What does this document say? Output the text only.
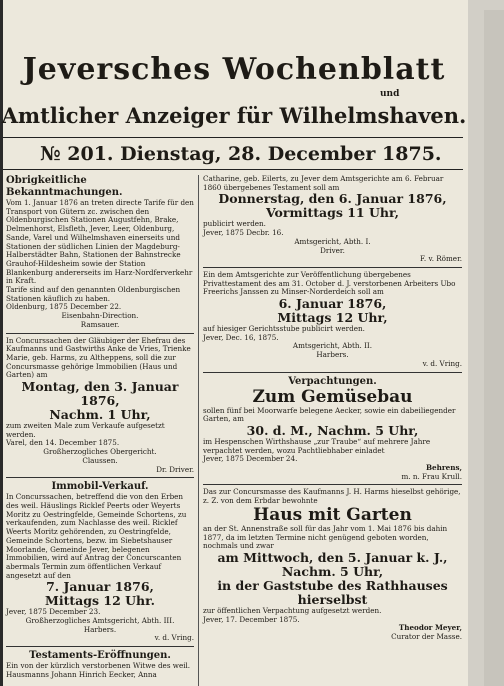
Jeversches Wochenblatt
und
Amtlicher Anzeiger für Wilhelmshaven.
№ 201. Dienstag, 28. December 1875.

Obrigkeitliche Bekanntmachungen.

Vom 1. Januar 1876 an treten directe Tarife für den Transport von Gütern zc. zwischen den Oldenburgischen Stationen Augustfehn, Brake, Delmenhorst, Elsfleth, Jever, Leer, Oldenburg, Sande, Varel und Wilhelmshaven einerseits und Stationen der südlichen Linien der Magdeburg-Halberstädter Bahn, Stationen der Bahnstrecke Grauhof-Hildesheim sowie der Station Blankenburg andererseits im Harz-Nordferverkehr in Kraft.

Tarife sind auf den genannten Oldenburgischen Stationen käuflich zu haben.

Oldenburg, 1875 December 22.

Eisenbahn-Direction.

Ramsauer.

In Concurssachen der Gläubiger der Ehefrau des Kaufmanns und Gastwirths Anke de Vries, Trienke Marie, geb. Harms, zu Altheppens, soll die zur Concursmasse gehörige Immobilien (Haus und Garten) am

Montag, den 3. Januar 1876,

Nachm. 1 Uhr,

zum zweiten Male zum Verkaufe aufgesetzt werden.

Varel, den 14. December 1875.

Großherzogliches Obergericht.

Claussen.

Dr. Driver.

Immobil-Verkauf.

In Concurssachen, betreffend die von den Erben des weil. Häuslings Ricklef Peerts oder Weyerts Moritz zu Oestringfelde, Gemeinde Schortens, zu verkaufenden, zum Nachlasse des weil. Ricklef Weerts Moritz gehörenden, zu Oestringfelde, Gemeinde Schortens, bezw. im Siebetshauser Moorlande, Gemeinde Jever, belegenen Immobilien, wird auf Antrag der Concurscanten abermals Termin zum öffentlichen Verkauf angesetzt auf den

7. Januar 1876,

Mittags 12 Uhr.

Jever, 1875 December 23.

Großherzogliches Amtsgericht, Abth. III.

Harbers.

v. d. Vring.

Testaments-Eröffnungen.

Ein von der kürzlich verstorbenen Witwe des weil. Hausmanns Johann Hinrich Eecker, Anna

Catharine, geb. Eilerts, zu Jever dem Amtsgerichte am 6. Februar 1860 übergebenes Testament soll am

Donnerstag, den 6. Januar 1876,

Vormittags 11 Uhr,

publicirt werden.

Jever, 1875 Decbr. 16.

Amtsgericht, Abth. I.

Driver.

F. v. Römer.

Ein dem Amtsgerichte zur Veröffentlichung übergebenes Privattestament des am 31. October d. J. verstorbenen Arbeiters Ubo Freerichs Janssen zu Minser-Norderdeich soll am

6. Januar 1876,

Mittags 12 Uhr,

auf hiesiger Gerichtsstube publicirt werden.

Jever, Dec. 16, 1875.

Amtsgericht, Abth. II.

Harbers.

v. d. Vring.

Verpachtungen.

Zum Gemüsebau

sollen fünf bei Moorwarfe belegene Aecker, sowie ein dabeiliegender Garten, am

30. d. M., Nachm. 5 Uhr,

im Hespenschen Wirthshause „zur Traube“ auf mehrere Jahre verpachtet werden, wozu Pachtliebhaber einladet

Jever, 1875 December 24.

Behrens,

m. n. Frau Krull.

Das zur Concursmasse des Kaufmanns J. H. Harms hieselbst gehörige, z. Z. von dem Erbdar bewohnte

Haus mit Garten

an der St. Annenstraße soll für das Jahr vom 1. Mai 1876 bis dahin 1877, da im letzten Termine nicht genügend geboten worden, nochmals und zwar

am Mittwoch, den 5. Januar k. J.,

Nachm. 5 Uhr,

in der Gaststube des Rathhauses

hierselbst

zur öffentlichen Verpachtung aufgesetzt werden.

Jever, 17. December 1875.

Theodor Meyer,

Curator der Masse.
